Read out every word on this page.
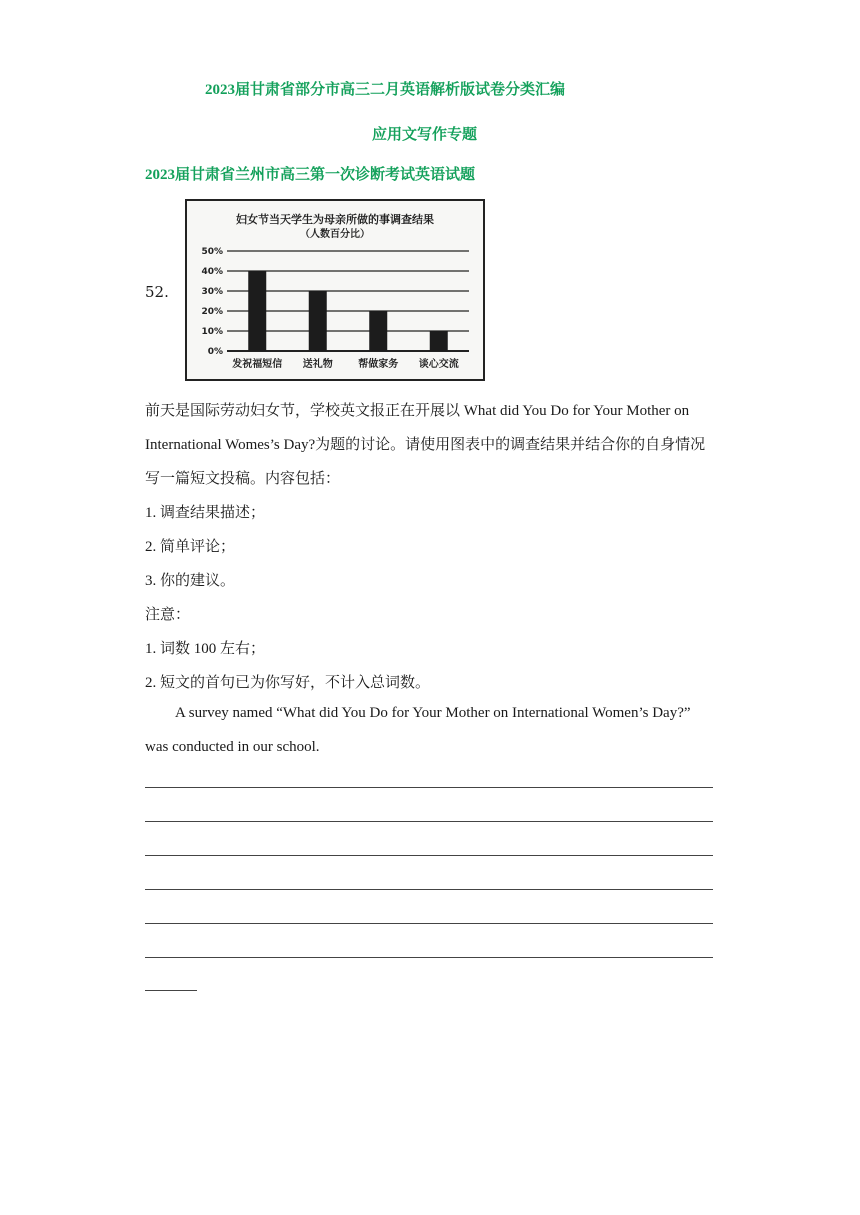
2023届甘肃省部分市高三二月英语解析版试卷分类汇编
应用文写作专题
2023届甘肃省兰州市高三第一次诊断考试英语试题
52.
妇女节当天学生为母亲所做的事调查结果
（人数百分比）
0%
10%
20%
30%
40%
50%
发祝福短信 送礼物	帮做家务 谈心交流
前天是国际劳动妇女节，学校英文报正在开展以 What did You Do for Your Mother on
International Womes’s Day?为题的讨论。请使用图表中的调查结果并结合你的自身情况
写一篇短文投稿。内容包括：
1. 调查结果描述；
2. 简单评论；
3. 你的建议。
注意：
1. 词数 100 左右；
2. 短文的首句已为你写好，不计入总词数。
A survey named “What did You Do for Your Mother on International Women’s Day?”
was conducted in our school.
